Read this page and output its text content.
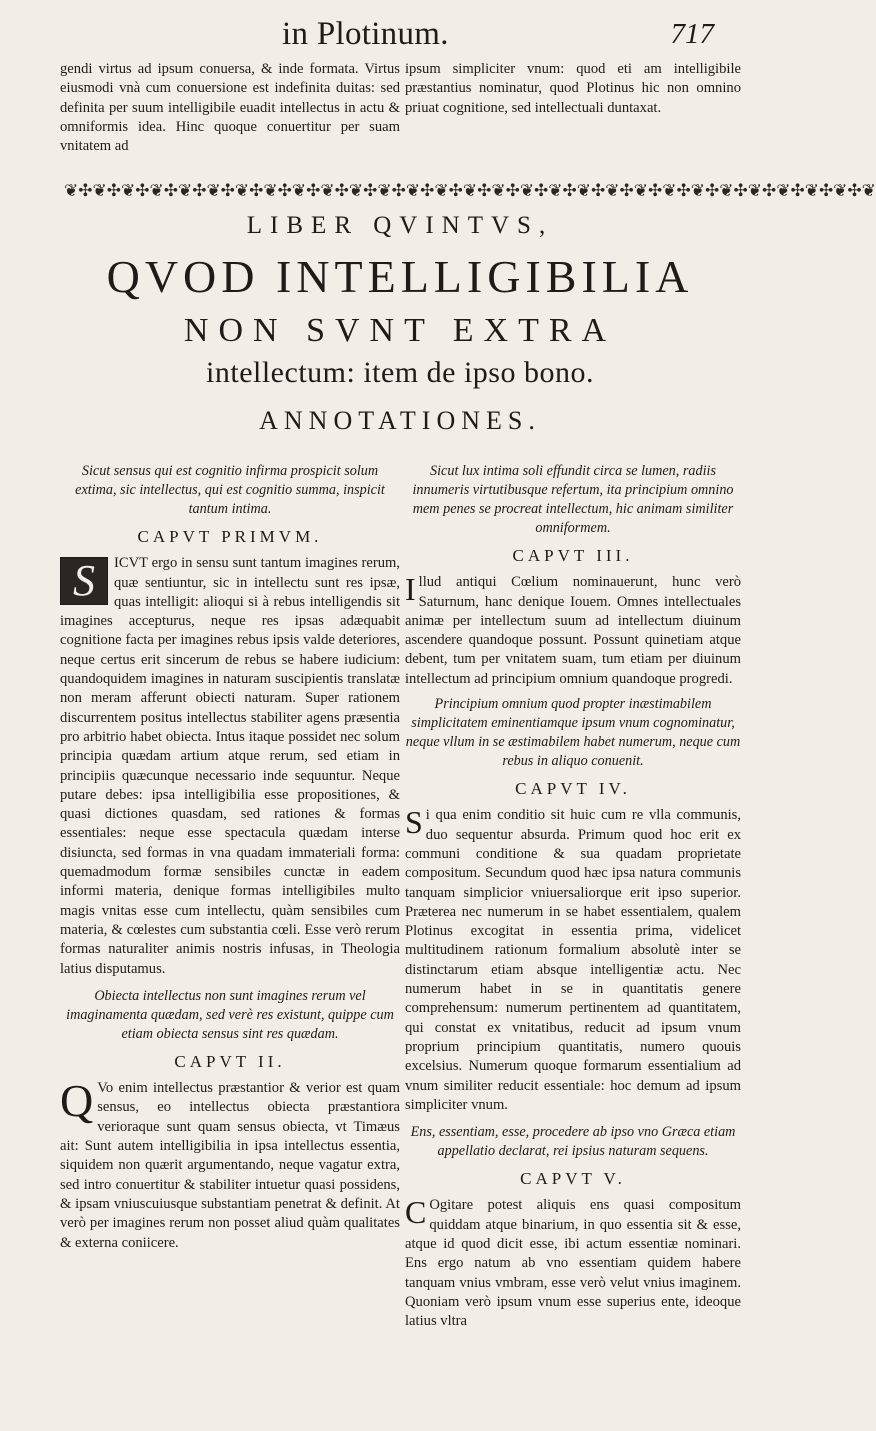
in Plotinum.	717

gendi virtus ad ipsum conuersa, & inde formata. Virtus eiusmodi vnà cum conuersione est indefinita duitas: sed definita per suum intelligibile euadit intellectus in actu & omniformis idea. Hinc quoque conuertitur per suam vnitatem ad

ipsum simpliciter vnum: quod eti am intelligibile præstantius nominatur, quod Plotinus hic non omnino priuat cognitione, sed intellectuali duntaxat.

❦✣❦✣❦✣❦✣❦✣❦✣❦✣❦✣❦✣❦✣❦✣❦✣❦✣❦✣❦✣❦✣❦✣❦✣❦✣❦✣❦✣❦✣❦✣❦✣❦✣❦✣❦✣❦✣❦
LIBER QVINTVS,
QVOD INTELLIGIBILIA
NON SVNT EXTRA
intellectum: item de ipso bono.
ANNOTATIONES.

Sicut sensus qui est cognitio infirma prospicit solum extima, sic intellectus, qui est cognitio summa, inspicit tantum intima.

CAPVT PRIMVM.

S	ICVT ergo in sensu sunt tantum imagines rerum, quæ sentiuntur, sic in intellectu sunt res ipsæ, quas intelligit: alioqui si à rebus intelligendis sit imagines accepturus, neque res ipsas adæquabit cognitione facta per imagines rebus ipsis valde deteriores, neque certus erit sincerum de rebus se habere iudicium: quandoquidem imagines in naturam suscipientis translatæ non meram afferunt obiecti naturam. Super rationem discurrentem positus intellectus stabiliter agens præsentia pro arbitrio habet obiecta. Intus itaque possidet nec solum principia quædam artium atque rerum, sed etiam in principiis quæcunque necessario inde sequuntur. Neque putare debes: ipsa intelligibilia esse propositiones, & quasi dictiones quasdam, sed rationes & formas essentiales: neque esse spectacula quædam interse disiuncta, sed formas in vna quadam immateriali forma: quemadmodum formæ sensibiles cunctæ in eadem informi materia, denique formas intelligibiles multo magis vnitas esse cum intellectu, quàm sensibiles cum materia, & cœlestes cum substantia cœli. Esse verò rerum formas naturaliter animis nostris infusas, in Theologia latius disputamus.

Obiecta intellectus non sunt imagines rerum vel imaginamenta quædam, sed verè res existunt, quippe cum etiam obiecta sensus sint res quædam.

CAPVT II.

Q Vo enim intellectus præstantior & verior est quam sensus, eo intellectus obiecta præstantiora verioraque sunt quam sensus obiecta, vt Timæus ait: Sunt autem intelligibilia in ipsa intellectus essentia, siquidem non quærit argumentando, neque vagatur extra, sed intro conuertitur & stabiliter intuetur quasi possidens, & ipsam vniuscuiusque substantiam penetrat & definit. At verò per imagines rerum non posset aliud quàm qualitates & externa coniicere.

Sicut lux intima soli effundit circa se lumen, radiis innumeris virtutibusque refertum, ita principium omnino mem penes se procreat intellectum, hic animam similiter omniformem.

CAPVT III.

I llud antiqui Cœlium nominauerunt, hunc verò Saturnum, hanc denique Iouem. Omnes intellectuales animæ per intellectum suum ad intellectum diuinum ascendere quandoque possunt. Possunt quinetiam atque debent, tum per vnitatem suam, tum etiam per diuinum intellectum ad principium omnium quandoque progredi.

Principium omnium quod propter inæstimabilem simplicitatem eminentiamque ipsum vnum cognominatur, neque vllum in se æstimabilem habet numerum, neque cum rebus in aliquo conuenit.

CAPVT IV.

S i qua enim conditio sit huic cum re vlla communis, duo sequentur absurda. Primum quod hoc erit ex communi conditione & sua quadam proprietate compositum. Secundum quod hæc ipsa natura communis tanquam simplicior vniuersaliorque erit ipso superior. Præterea nec numerum in se habet essentialem, qualem Plotinus excogitat in essentia prima, videlicet multitudinem rationum formalium absolutè inter se distinctarum etiam absque intelligentiæ actu. Nec numerum habet in se in quantitatis genere comprehensum: numerum pertinentem ad quantitatem, qui constat ex vnitatibus, reducit ad ipsum vnum proprium principium quantitatis, numero quouis excelsius. Numerum quoque formarum essentialium ad vnum similiter reducit essentiale: hoc demum ad ipsum simpliciter vnum.

Ens, essentiam, esse, procedere ab ipso vno Græca etiam appellatio declarat, rei ipsius naturam sequens.

CAPVT V.

C Ogitare potest aliquis ens quasi compositum quiddam atque binarium, in quo essentia sit & esse, atque id quod dicit esse, ibi actum essentiæ nominari. Ens ergo natum ab vno essentiam quidem habere tanquam vnius vmbram, esse verò velut vnius imaginem. Quoniam verò ipsum vnum esse superius ente, ideoque latius vltra
